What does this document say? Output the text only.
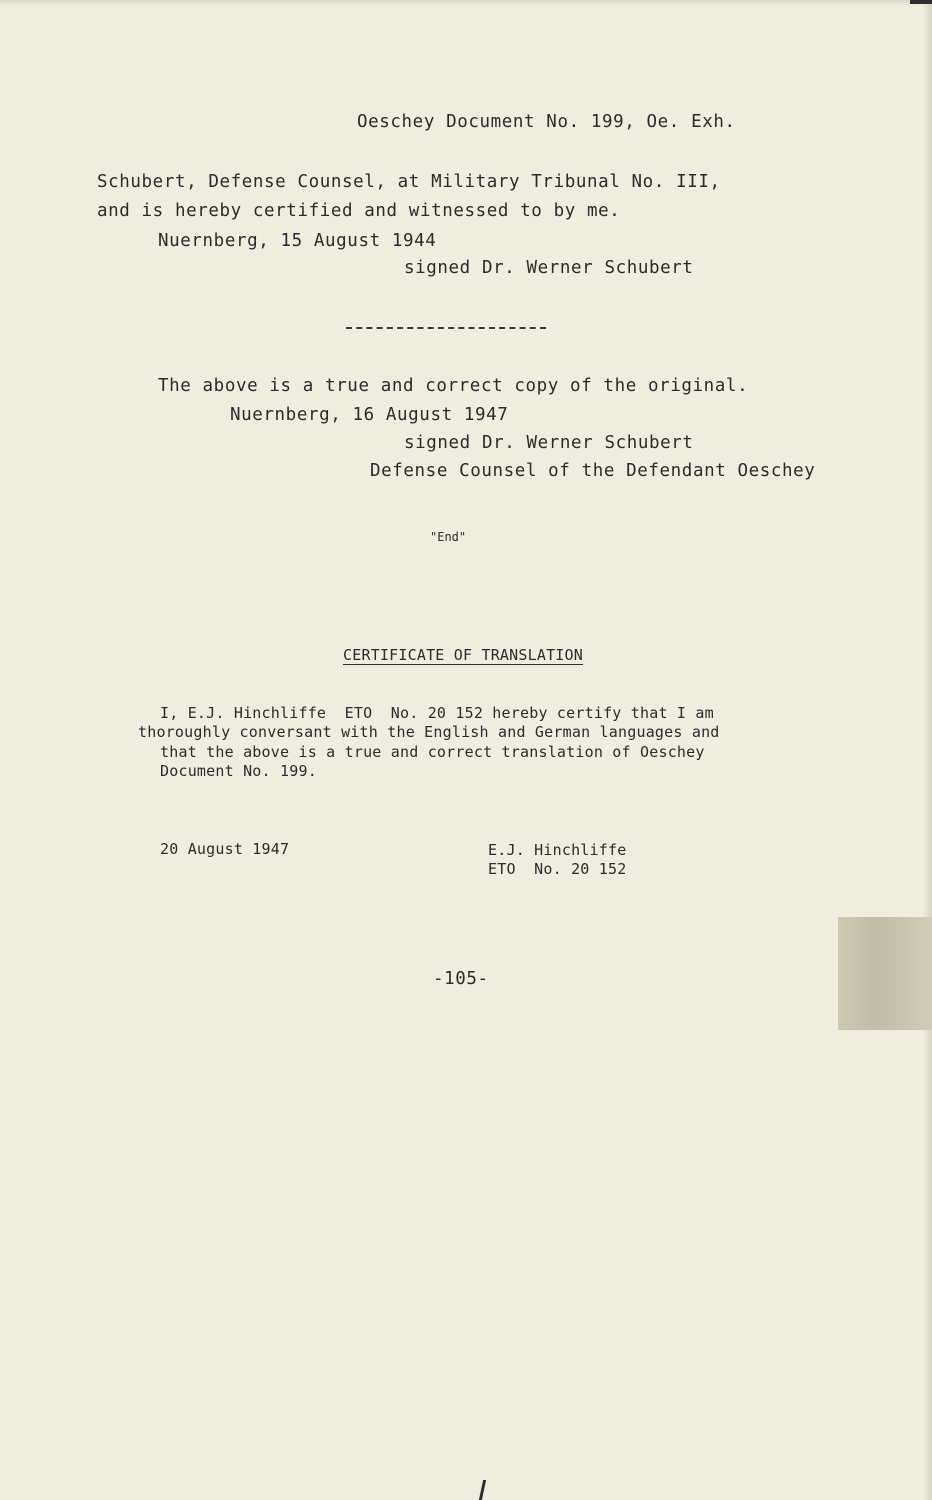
Oeschey Document No. 199, Oe. Exh.
Schubert, Defense Counsel, at Military Tribunal No. III,
and is hereby certified and witnessed to by me.
Nuernberg, 15 August 1944
signed Dr. Werner Schubert
The above is a true and correct copy of the original.
Nuernberg, 16 August 1947
signed Dr. Werner Schubert
Defense Counsel of the Defendant Oeschey
"End"
CERTIFICATE OF TRANSLATION
I, E.J. Hinchliffe  ETO  No. 20 152 hereby certify that I am
thoroughly conversant with the English and German languages and
that the above is a true and correct translation of Oeschey
Document No. 199.
20 August 1947	E.J. Hinchliffe
ETO  No. 20 152
-105-
